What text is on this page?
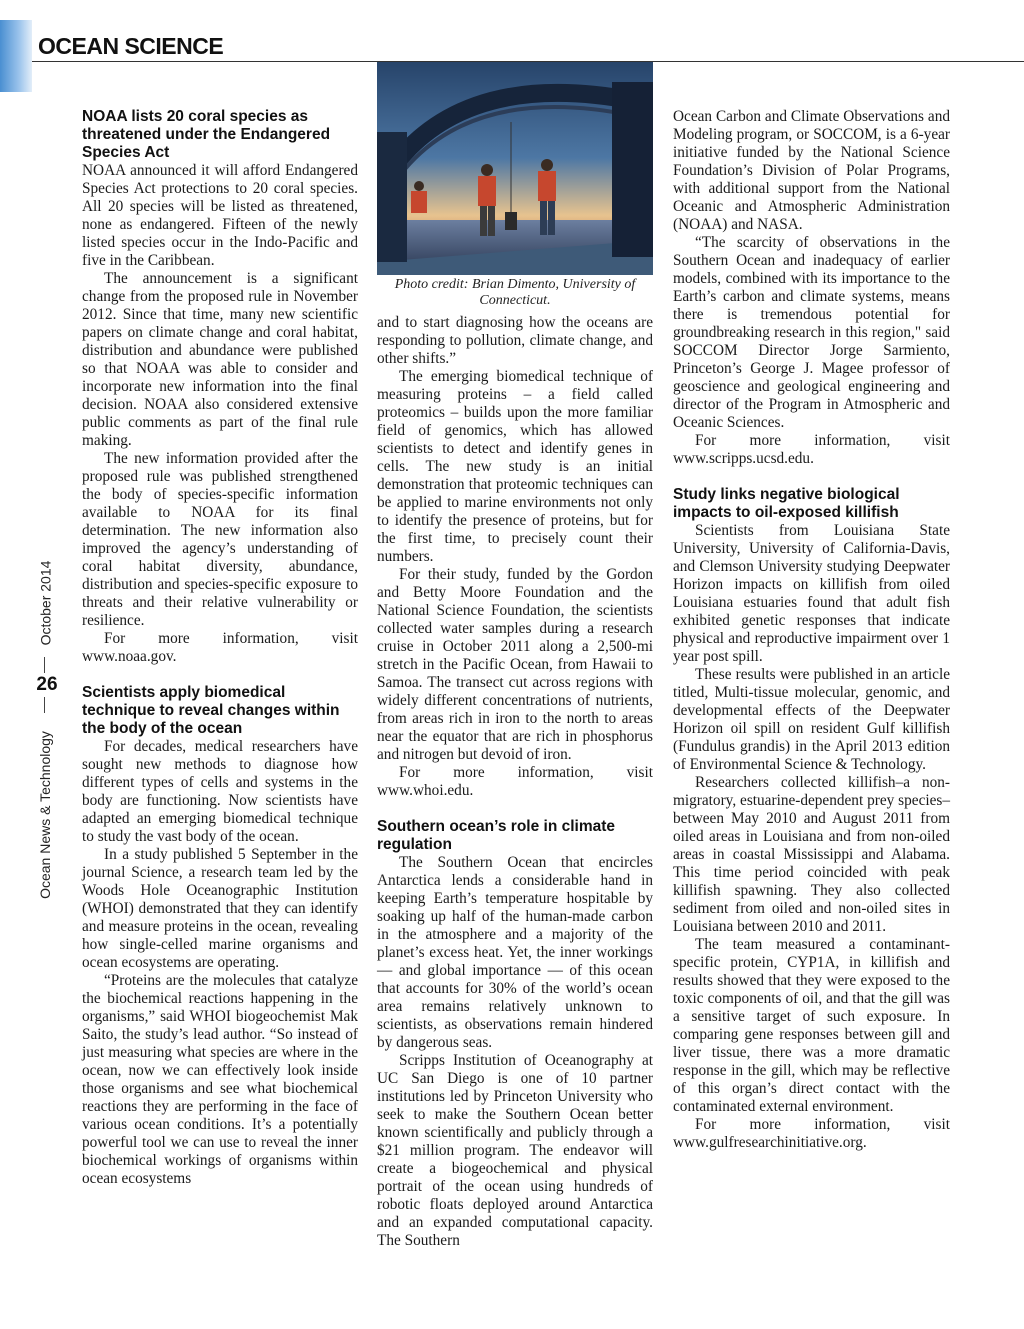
OCEAN SCIENCE
October 2014
Ocean News & Technology
26
NOAA lists 20 coral species as threatened under the Endangered Species Act

NOAA announced it will afford Endangered Species Act protections to 20 coral species. All 20 species will be listed as threatened, none as endangered. Fifteen of the newly listed species occur in the Indo-Pacific and five in the Caribbean.

The announcement is a significant change from the proposed rule in November 2012. Since that time, many new scientific papers on climate change and coral habitat, distribution and abundance were published so that NOAA was able to consider and incorporate new information into the final decision. NOAA also considered extensive public comments as part of the final rule making.

The new information provided after the proposed rule was published strengthened the body of species-specific information available to NOAA for its final determination. The new information also improved the agency’s understanding of coral habitat diversity, abundance, distribution and species-specific exposure to threats and their relative vulnerability or resilience.

For more information, visit www.noaa.gov.

Scientists apply biomedical technique to reveal changes within the body of the ocean

For decades, medical researchers have sought new methods to diagnose how different types of cells and systems in the body are functioning. Now scientists have adapted an emerging biomedical technique to study the vast body of the ocean.

In a study published 5 September in the journal Science, a research team led by the Woods Hole Oceanographic Institution (WHOI) demonstrated that they can identify and measure proteins in the ocean, revealing how single-celled marine organisms and ocean ecosystems are operating.

“Proteins are the molecules that catalyze the biochemical reactions happening in the organisms,” said WHOI biogeochemist Mak Saito, the study’s lead author. “So instead of just measuring what species are where in the ocean, now we can effectively look inside those organisms and see what biochemical reactions they are performing in the face of various ocean conditions. It’s a potentially powerful tool we can use to reveal the inner biochemical workings of organisms within ocean ecosystems

Photo credit: Brian Dimento, University of Connecticut.

and to start diagnosing how the oceans are responding to pollution, climate change, and other shifts.”

The emerging biomedical technique of measuring proteins – a field called proteomics – builds upon the more familiar field of genomics, which has allowed scientists to detect and identify genes in cells. The new study is an initial demonstration that proteomic techniques can be applied to marine environments not only to identify the presence of proteins, but for the first time, to precisely count their numbers.

For their study, funded by the Gordon and Betty Moore Foundation and the National Science Foundation, the scientists collected water samples during a research cruise in October 2011 along a 2,500-mi stretch in the Pacific Ocean, from Hawaii to Samoa. The transect cut across regions with widely different concentrations of nutrients, from areas rich in iron to the north to areas near the equator that are rich in phosphorus and nitrogen but devoid of iron.

For more information, visit www.whoi.edu.

Southern ocean’s role in climate regulation

The Southern Ocean that encircles Antarctica lends a considerable hand in keeping Earth’s temperature hospitable by soaking up half of the human-made carbon in the atmosphere and a majority of the planet’s excess heat. Yet, the inner workings — and global importance — of this ocean that accounts for 30% of the world’s ocean area remains relatively unknown to scientists, as observations remain hindered by dangerous seas.

Scripps Institution of Oceanography at UC San Diego is one of 10 partner institutions led by Princeton University who seek to make the Southern Ocean better known scientifically and publicly through a $21 million program. The endeavor will create a biogeochemical and physical portrait of the ocean using hundreds of robotic floats deployed around Antarctica and an expanded computational capacity. The Southern

Ocean Carbon and Climate Observations and Modeling program, or SOCCOM, is a 6-year initiative funded by the National Science Foundation’s Division of Polar Programs, with additional support from the National Oceanic and Atmospheric Administration (NOAA) and NASA.

“The scarcity of observations in the Southern Ocean and inadequacy of earlier models, combined with its importance to the Earth’s carbon and climate systems, means there is tremendous potential for groundbreaking research in this region," said SOCCOM Director Jorge Sarmiento, Princeton’s George J. Magee professor of geoscience and geological engineering and director of the Program in Atmospheric and Oceanic Sciences.

For more information, visit www.scripps.ucsd.edu.

Study links negative biological impacts to oil-exposed killifish

Scientists from Louisiana State University, University of California-Davis, and Clemson University studying Deepwater Horizon impacts on killifish from oiled Louisiana estuaries found that adult fish exhibited genetic responses that indicate physical and reproductive impairment over 1 year post spill.

These results were published in an article titled, Multi-tissue molecular, genomic, and developmental effects of the Deepwater Horizon oil spill on resident Gulf killifish (Fundulus grandis) in the April 2013 edition of Environmental Science & Technology.

Researchers collected killifish–a non-migratory, estuarine-dependent prey species–between May 2010 and August 2011 from oiled areas in Louisiana and from non-oiled areas in coastal Mississippi and Alabama. This time period coincided with peak killifish spawning. They also collected sediment from oiled and non-oiled sites in Louisiana between 2010 and 2011.

The team measured a contaminant-specific protein, CYP1A, in killifish and results showed that they were exposed to the toxic components of oil, and that the gill was a sensitive target of such exposure. In comparing gene responses between gill and liver tissue, there was a more dramatic response in the gill, which may be reflective of this organ’s direct contact with the contaminated external environment.

For more information, visit www.gulfresearchinitiative.org.
